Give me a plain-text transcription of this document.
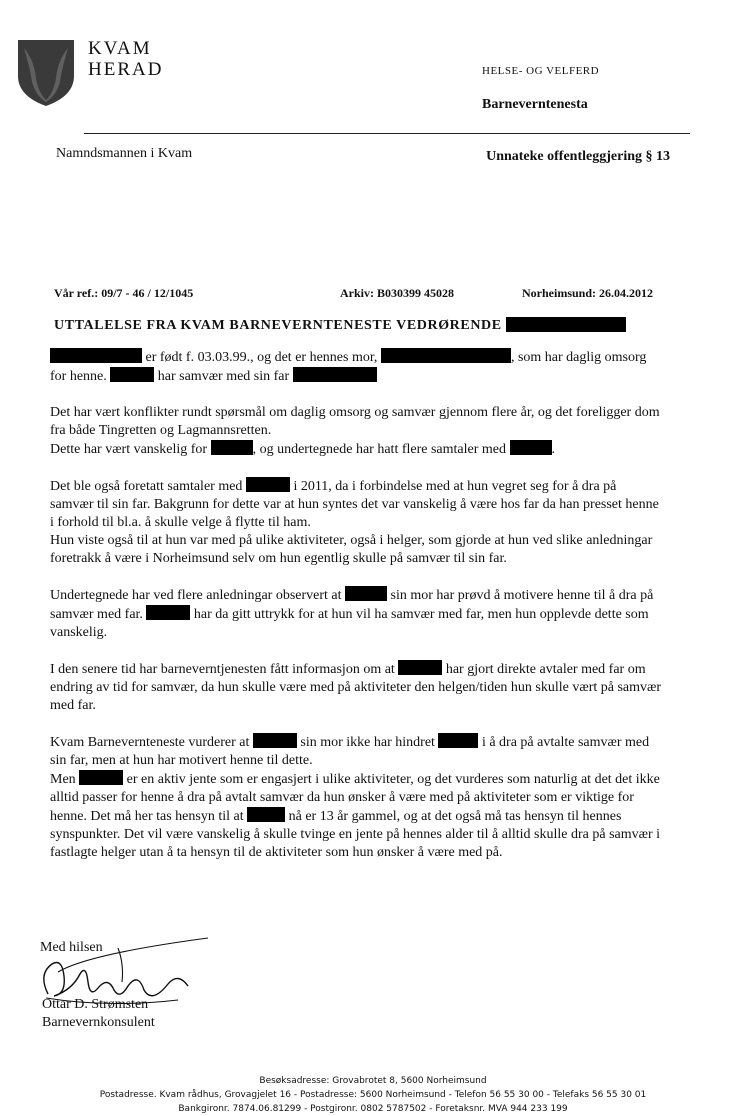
KVAM
HERAD	HELSE- OG VELFERD
Barneverntenesta
Namndsmannen i Kvam	Unnateke offentleggjering § 13
Vår ref.: 09/7 - 46 / 12/1045	Arkiv: B030399 45028	Norheimsund: 26.04.2012
UTTALELSE FRA KVAM BARNEVERNTENESTE VEDRØRENDE

er født f. 03.03.99., og det er hennes mor,	, som har daglig omsorg for henne.	har samvær med sin far

Det har vært konflikter rundt spørsmål om daglig omsorg og samvær gjennom flere år, og det foreligger dom fra både Tingretten og Lagmannsretten.
Dette har vært vanskelig for	, og undertegnede har hatt flere samtaler med	.

Det ble også foretatt samtaler med	i 2011, da i forbindelse med at hun vegret seg for å dra på samvær til sin far. Bakgrunn for dette var at hun syntes det var vanskelig å være hos far da han presset henne i forhold til bl.a. å skulle velge å flytte til ham.
Hun viste også til at hun var med på ulike aktiviteter, også i helger, som gjorde at hun ved slike anledningar foretrakk å være i Norheimsund selv om hun egentlig skulle på samvær til sin far.

Undertegnede har ved flere anledningar observert at	sin mor har prøvd å motivere henne til å dra på samvær med far.	har da gitt uttrykk for at hun vil ha samvær med far, men hun opplevde dette som vanskelig.

I den senere tid har barneverntjenesten fått informasjon om at	har gjort direkte avtaler med far om endring av tid for samvær, da hun skulle være med på aktiviteter den helgen/tiden hun skulle vært på samvær med far.

Kvam Barneverntenеste vurderer at	sin mor ikke har hindret	i å dra på avtalte samvær med sin far, men at hun har motivert henne til dette.
Men	er en aktiv jente som er engasjert i ulike aktiviteter, og det vurderes som naturlig at det det ikke alltid passer for henne å dra på avtalt samvær da hun ønsker å være med på aktiviteter som er viktige for henne. Det må her tas hensyn til at	nå er 13 år gammel, og at det også må tas hensyn til hennes synspunkter. Det vil være vanskelig å skulle tvinge en jente på hennes alder til å alltid skulle dra på samvær i fastlagte helger utan å ta hensyn til de aktiviteter som hun ønsker å være med på.

Med hilsen
Ottar D. Strømsten
Barnevernkonsulent
Besøksadresse: Grovabrotet 8, 5600 Norheimsund
Postadresse. Kvam rådhus, Grovagjelet 16 - Postadresse: 5600 Norheimsund - Telefon 56 55 30 00 - Telefaks 56 55 30 01
Bankgironr. 7874.06.81299 - Postgironr. 0802 5787502 - Foretaksnr. MVA 944 233 199
